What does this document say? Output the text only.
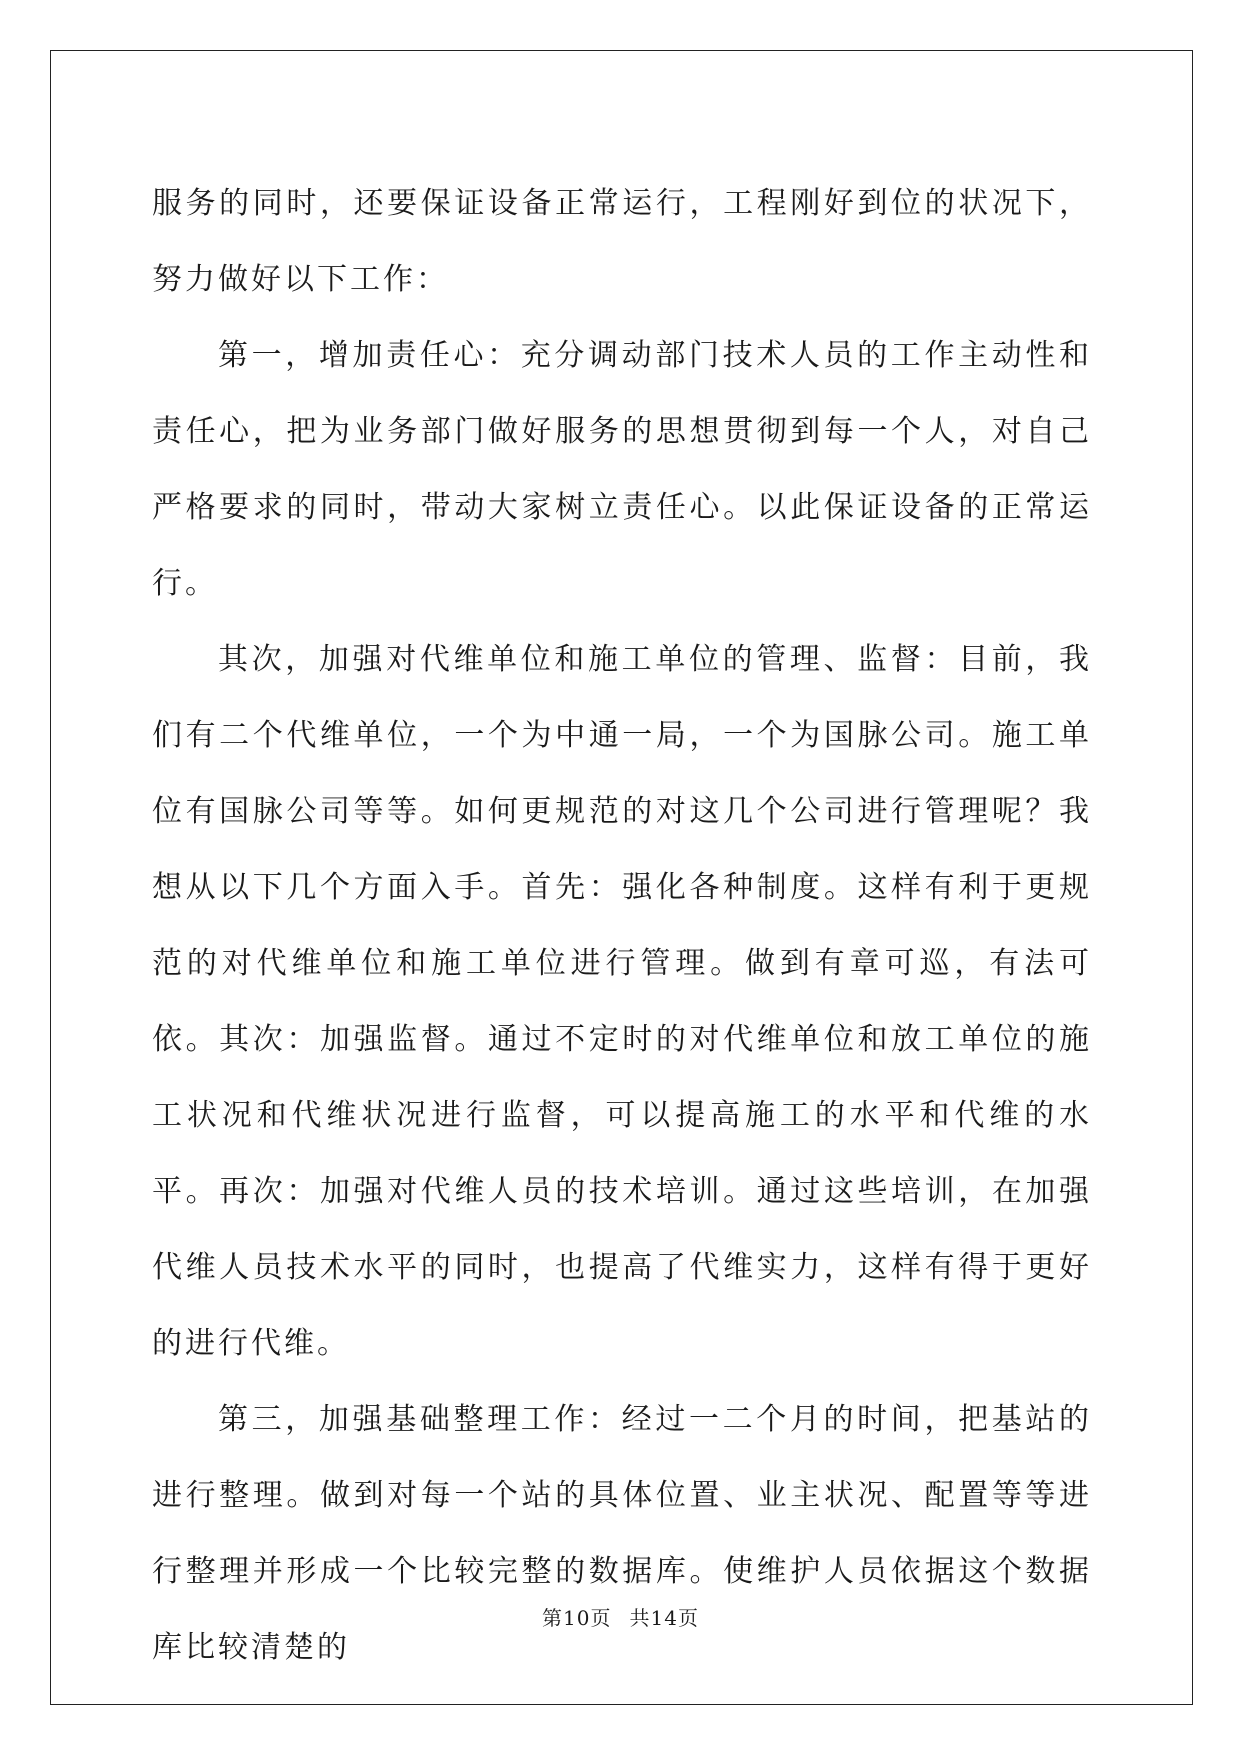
服务的同时，还要保证设备正常运行，工程刚好到位的状况下，努力做好以下工作：

第一，增加责任心：充分调动部门技术人员的工作主动性和责任心，把为业务部门做好服务的思想贯彻到每一个人，对自己严格要求的同时，带动大家树立责任心。以此保证设备的正常运行。

其次，加强对代维单位和施工单位的管理、监督：目前，我们有二个代维单位，一个为中通一局，一个为国脉公司。施工单位有国脉公司等等。如何更规范的对这几个公司进行管理呢？我想从以下几个方面入手。首先：强化各种制度。这样有利于更规范的对代维单位和施工单位进行管理。做到有章可巡，有法可依。其次：加强监督。通过不定时的对代维单位和放工单位的施工状况和代维状况进行监督，可以提高施工的水平和代维的水平。再次：加强对代维人员的技术培训。通过这些培训，在加强代维人员技术水平的同时，也提高了代维实力，这样有得于更好的进行代维。

第三，加强基础整理工作：经过一二个月的时间，把基站的进行整理。做到对每一个站的具体位置、业主状况、配置等等进行整理并形成一个比较完整的数据库。使维护人员依据这个数据库比较清楚的

第10页 共14页
